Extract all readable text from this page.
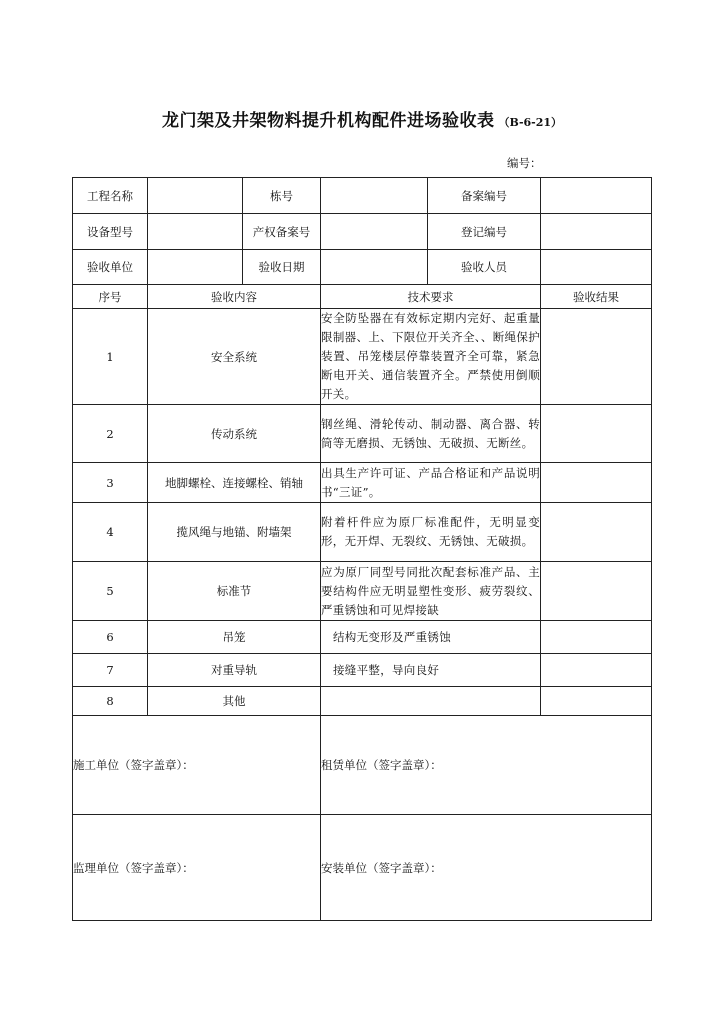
龙门架及井架物料提升机构配件进场验收表 （B-6-21）
编号：
工程名称		栋号		备案编号	
设备型号		产权备案号		登记编号	
验收单位		验收日期		验收人员	
序号	验收内容		技术要求		验收结果
1	安全系统		安全防坠器在有效标定期内完好、起重量限制器、上、下限位开关齐全、、断绳保护装置、吊笼楼层停靠装置齐全可靠，紧急断电开关、通信装置齐全。严禁使用倒顺开关。		
2	传动系统		钢丝绳、滑轮传动、制动器、离合器、转筒等无磨损、无锈蚀、无破损、无断丝。		
3	地脚螺栓、连接螺栓、销轴		出具生产许可证、产品合格证和产品说明书“三证”。		
4	揽风绳与地锚、附墙架		附着杆件应为原厂标准配件，无明显变形，无开焊、无裂纹、无锈蚀、无破损。		
5	标准节		应为原厂同型号同批次配套标准产品、主要结构件应无明显塑性变形、疲劳裂纹、严重锈蚀和可见焊接缺		
6	吊笼		结构无变形及严重锈蚀		
7	对重导轨		接缝平整，导向良好		
8	其他				

施工单位（签字盖章）：			租赁单位（签字盖章）：		

监理单位（签字盖章）：			安装单位（签字盖章）：		
